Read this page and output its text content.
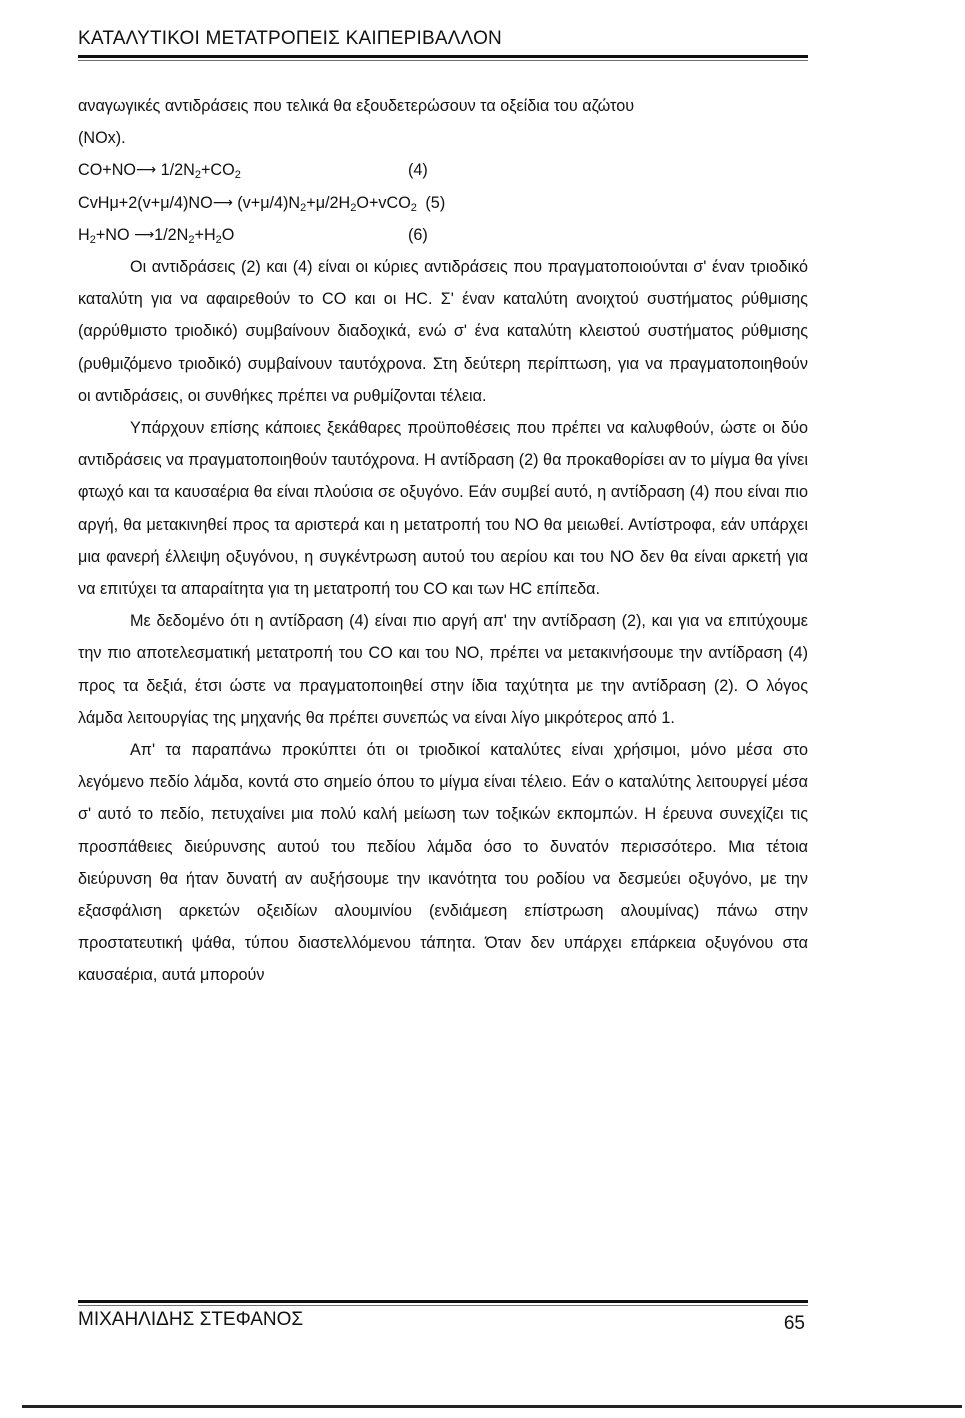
ΚΑΤΑΛΥΤΙΚΟΙ ΜΕΤΑΤΡΟΠΕΙΣ ΚΑΙΠΕΡΙΒΑΛΛΟΝ

αναγωγικές αντιδράσεις που τελικά θα εξουδετερώσουν τα οξείδια του αζώτου

(NOx).

CO+NO⟶ $1/2N_2+CO_2$	(4)
CvHμ+2(v+μ/4)NO⟶ $(v+\mu/4)N_2+\mu/2H_2O+vCO_2$ (5)
$H_2+NO$ $⟶1/2N_2+H_2O$	(6)

Οι αντιδράσεις (2) και (4) είναι οι κύριες αντιδράσεις που πραγματοποιούνται σ' έναν τριοδικό καταλύτη για να αφαιρεθούν το CO και οι HC. Σ' έναν καταλύτη ανοιχτού συστήματος ρύθμισης (αρρύθμιστο τριοδικό) συμβαίνουν διαδοχικά, ενώ σ' ένα καταλύτη κλειστού συστήματος ρύθμισης (ρυθμιζόμενο τριοδικό) συμβαίνουν ταυτόχρονα. Στη δεύτερη περίπτωση, για να πραγματοποιηθούν οι αντιδράσεις, οι συνθήκες πρέπει να ρυθμίζονται τέλεια.

Υπάρχουν επίσης κάποιες ξεκάθαρες προϋποθέσεις που πρέπει να καλυφθούν, ώστε οι δύο αντιδράσεις να πραγματοποιηθούν ταυτόχρονα. Η αντίδραση (2) θα προκαθορίσει αν το μίγμα θα γίνει φτωχό και τα καυσαέρια θα είναι πλούσια σε οξυγόνο. Εάν συμβεί αυτό, η αντίδραση (4) που είναι πιο αργή, θα μετακινηθεί προς τα αριστερά και η μετατροπή του NO θα μειωθεί. Αντίστροφα, εάν υπάρχει μια φανερή έλλειψη οξυγόνου, η συγκέντρωση αυτού του αερίου και του NO δεν θα είναι αρκετή για να επιτύχει τα απαραίτητα για τη μετατροπή του CO και των HC επίπεδα.

Με δεδομένο ότι η αντίδραση (4) είναι πιο αργή απ' την αντίδραση (2), και για να επιτύχουμε την πιο αποτελεσματική μετατροπή του CO και του NO, πρέπει να μετακινήσουμε την αντίδραση (4) προς τα δεξιά, έτσι ώστε να πραγματοποιηθεί στην ίδια ταχύτητα με την αντίδραση (2). Ο λόγος λάμδα λειτουργίας της μηχανής θα πρέπει συνεπώς να είναι λίγο μικρότερος από 1.

Απ' τα παραπάνω προκύπτει ότι οι τριοδικοί καταλύτες είναι χρήσιμοι, μόνο μέσα στο λεγόμενο πεδίο λάμδα, κοντά στο σημείο όπου το μίγμα είναι τέλειο. Εάν ο καταλύτης λειτουργεί μέσα σ' αυτό το πεδίο, πετυχαίνει μια πολύ καλή μείωση των τοξικών εκπομπών. Η έρευνα συνεχίζει τις προσπάθειες διεύρυνσης αυτού του πεδίου λάμδα όσο το δυνατόν περισσότερο. Μια τέτοια διεύρυνση θα ήταν δυνατή αν αυξήσουμε την ικανότητα του ροδίου να δεσμεύει οξυγόνο, με την εξασφάλιση αρκετών οξειδίων αλουμινίου (ενδιάμεση επίστρωση αλουμίνας) πάνω στην προστατευτική ψάθα, τύπου διαστελλόμενου τάπητα. Όταν δεν υπάρχει επάρκεια οξυγόνου στα καυσαέρια, αυτά μπορούν

ΜΙΧΑΗΛΙΔΗΣ ΣΤΕΦΑΝΟΣ	65
